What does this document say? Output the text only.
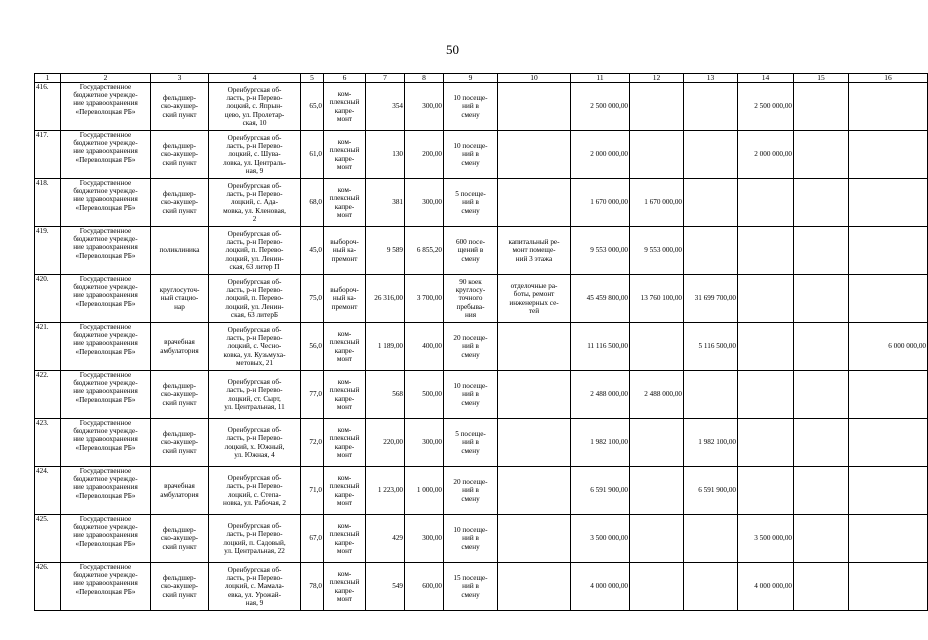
50
1	2	3	4	5	6	7	8	9	10	11	12	13	14	15	16

416.	Государственное
бюджетное учрежде-
ние здравоохранения
«Переволоцкая РБ»	фельдшер-
ско-акушер-
ский пункт	Оренбургская об-
ласть, р-н Перево-
лоцкий, с. Япрын-
цево, ул. Пролетар-
ская, 10	65,0	ком-
плексный
капре-
монт	354	300,00	10 посеще-
ний в
смену		2 500 000,00			2 500 000,00		

417.	Государственное
бюджетное учрежде-
ние здравоохранения
«Переволоцкая РБ»	фельдшер-
ско-акушер-
ский пункт	Оренбургская об-
ласть, р-н Перево-
лоцкий, с. Шува-
ловка, ул. Централь-
ная, 9	61,0	ком-
плексный
капре-
монт	130	200,00	10 посеще-
ний в
смену		2 000 000,00			2 000 000,00		

418.	Государственное
бюджетное учрежде-
ние здравоохранения
«Переволоцкая РБ»	фельдшер-
ско-акушер-
ский пункт	Оренбургская об-
ласть, р-н Перево-
лоцкий, с. Ада-
мовка, ул. Кленовая,
2	68,0	ком-
плексный
капре-
монт	381	300,00	5 посеще-
ний в
смену		1 670 000,00	1 670 000,00				

419.	Государственное
бюджетное учрежде-
ние здравоохранения
«Переволоцкая РБ»	поликлиника	Оренбургская об-
ласть, р-н Перево-
лоцкий, п. Перево-
лоцкий, ул. Ленин-
ская, 63 литер П	45,0	выбороч-
ный ка-
премонт	9 589	6 855,20	600 посе-
щений в
смену	капитальный ре-
монт помеще-
ний 3 этажа	9 553 000,00	9 553 000,00				

420.	Государственное
бюджетное учрежде-
ние здравоохранения
«Переволоцкая РБ»	круглосуточ-
ный стацио-
нар	Оренбургская об-
ласть, р-н Перево-
лоцкий, п. Перево-
лоцкий, ул. Ленин-
ская, 63 литерБ	75,0	выбороч-
ный ка-
премонт	26 316,00	3 700,00	90 коек
круглосу-
точного
пребыва-
ния	отделочные ра-
боты, ремонт
инженерных се-
тей	45 459 800,00	13 760 100,00	31 699 700,00			

421.	Государственное
бюджетное учрежде-
ние здравоохранения
«Переволоцкая РБ»	врачебная
амбулатория	Оренбургская об-
ласть, р-н Перево-
лоцкий, с. Чесно-
ковка, ул. Кузьмуха-
метовых, 21	56,0	ком-
плексный
капре-
монт	1 189,00	400,00	20 посеще-
ний в
смену		11 116 500,00		5 116 500,00			6 000 000,00

422.	Государственное
бюджетное учрежде-
ние здравоохранения
«Переволоцкая РБ»	фельдшер-
ско-акушер-
ский пункт	Оренбургская об-
ласть, р-н Перево-
лоцкий, ст. Сырт,
ул. Центральная, 11	77,0	ком-
плексный
капре-
монт	568	500,00	10 посеще-
ний в
смену		2 488 000,00	2 488 000,00				

423.	Государственное
бюджетное учрежде-
ние здравоохранения
«Переволоцкая РБ»	фельдшер-
ско-акушер-
ский пункт	Оренбургская об-
ласть, р-н Перево-
лоцкий, х. Южный,
ул. Южная, 4	72,0	ком-
плексный
капре-
монт	220,00	300,00	5 посеще-
ний в
смену		1 982 100,00		1 982 100,00			

424.	Государственное
бюджетное учрежде-
ние здравоохранения
«Переволоцкая РБ»	врачебная
амбулатория	Оренбургская об-
ласть, р-н Перево-
лоцкий, с. Степа-
новка, ул. Рабочая, 2	71,0	ком-
плексный
капре-
монт	1 223,00	1 000,00	20 посеще-
ний в
смену		6 591 900,00		6 591 900,00			

425.	Государственное
бюджетное учрежде-
ние здравоохранения
«Переволоцкая РБ»	фельдшер-
ско-акушер-
ский пункт	Оренбургская об-
ласть, р-н Перево-
лоцкий, п. Садовый,
ул. Центральная, 22	67,0	ком-
плексный
капре-
монт	429	300,00	10 посеще-
ний в
смену		3 500 000,00			3 500 000,00		

426.	Государственное
бюджетное учрежде-
ние здравоохранения
«Переволоцкая РБ»	фельдшер-
ско-акушер-
ский пункт	Оренбургская об-
ласть, р-н Перево-
лоцкий, с. Мамала-
евка, ул. Урожай-
ная, 9	78,0	ком-
плексный
капре-
монт	549	600,00	15 посеще-
ний в
смену		4 000 000,00			4 000 000,00		
